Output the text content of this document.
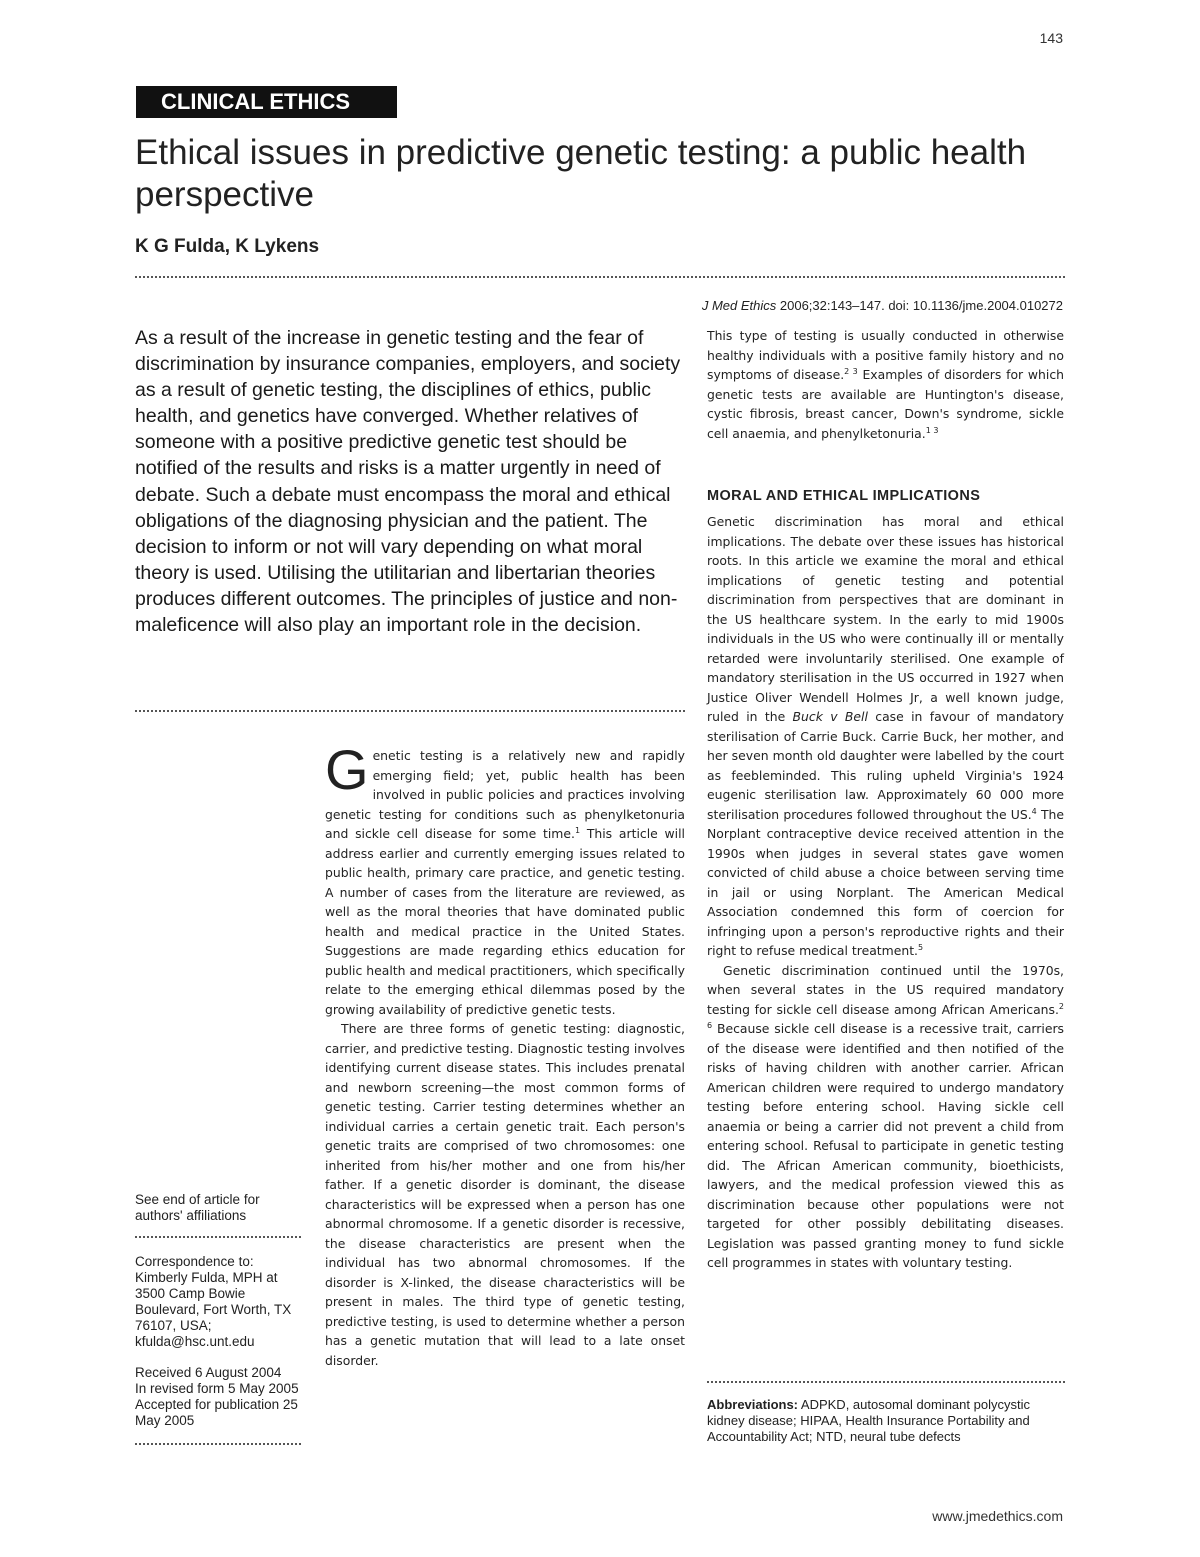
143
CLINICAL ETHICS
Ethical issues in predictive genetic testing: a public health perspective
K G Fulda, K Lykens
J Med Ethics 2006;32:143–147. doi: 10.1136/jme.2004.010272
As a result of the increase in genetic testing and the fear of discrimination by insurance companies, employers, and society as a result of genetic testing, the disciplines of ethics, public health, and genetics have converged. Whether relatives of someone with a positive predictive genetic test should be notified of the results and risks is a matter urgently in need of debate. Such a debate must encompass the moral and ethical obligations of the diagnosing physician and the patient. The decision to inform or not will vary depending on what moral theory is used. Utilising the utilitarian and libertarian theories produces different outcomes. The principles of justice and non-maleficence will also play an important role in the decision.
See end of article for authors' affiliations
Correspondence to:
Kimberly Fulda, MPH at 3500 Camp Bowie Boulevard, Fort Worth, TX 76107, USA; kfulda@hsc.unt.edu
Received 6 August 2004
In revised form 5 May 2005
Accepted for publication 25 May 2005

Genetic testing is a relatively new and rapidly emerging field; yet, public health has been involved in public policies and practices involving genetic testing for conditions such as phenylketonuria and sickle cell disease for some time.$^1$ This article will address earlier and currently emerging issues related to public health, primary care practice, and genetic testing. A number of cases from the literature are reviewed, as well as the moral theories that have dominated public health and medical practice in the United States. Suggestions are made regarding ethics education for public health and medical practitioners, which specifically relate to the emerging ethical dilemmas posed by the growing availability of predictive genetic tests.

There are three forms of genetic testing: diagnostic, carrier, and predictive testing. Diagnostic testing involves identifying current disease states. This includes prenatal and newborn screening—the most common forms of genetic testing. Carrier testing determines whether an individual carries a certain genetic trait. Each person's genetic traits are comprised of two chromosomes: one inherited from his/her mother and one from his/her father. If a genetic disorder is dominant, the disease characteristics will be expressed when a person has one abnormal chromosome. If a genetic disorder is recessive, the disease characteristics are present when the individual has two abnormal chromosomes. If the disorder is X-linked, the disease characteristics will be present in males. The third type of genetic testing, predictive testing, is used to determine whether a person has a genetic mutation that will lead to a late onset disorder.

This type of testing is usually conducted in otherwise healthy individuals with a positive family history and no symptoms of disease.$^{2 3}$ Examples of disorders for which genetic tests are available are Huntington's disease, cystic fibrosis, breast cancer, Down's syndrome, sickle cell anaemia, and phenylketonuria.$^{1 3}$

MORAL AND ETHICAL IMPLICATIONS

Genetic discrimination has moral and ethical implications. The debate over these issues has historical roots. In this article we examine the moral and ethical implications of genetic testing and potential discrimination from perspectives that are dominant in the US healthcare system. In the early to mid 1900s individuals in the US who were continually ill or mentally retarded were involuntarily sterilised. One example of mandatory sterilisation in the US occurred in 1927 when Justice Oliver Wendell Holmes Jr, a well known judge, ruled in the Buck v Bell case in favour of mandatory sterilisation of Carrie Buck. Carrie Buck, her mother, and her seven month old daughter were labelled by the court as feebleminded. This ruling upheld Virginia's 1924 eugenic sterilisation law. Approximately 60 000 more sterilisation procedures followed throughout the US.$^4$ The Norplant contraceptive device received attention in the 1990s when judges in several states gave women convicted of child abuse a choice between serving time in jail or using Norplant. The American Medical Association condemned this form of coercion for infringing upon a person's reproductive rights and their right to refuse medical treatment.$^5$

Genetic discrimination continued until the 1970s, when several states in the US required mandatory testing for sickle cell disease among African Americans.$^{2 6}$ Because sickle cell disease is a recessive trait, carriers of the disease were identified and then notified of the risks of having children with another carrier. African American children were required to undergo mandatory testing before entering school. Having sickle cell anaemia or being a carrier did not prevent a child from entering school. Refusal to participate in genetic testing did. The African American community, bioethicists, lawyers, and the medical profession viewed this as discrimination because other populations were not targeted for other possibly debilitating diseases. Legislation was passed granting money to fund sickle cell programmes in states with voluntary testing.

Abbreviations: ADPKD, autosomal dominant polycystic kidney disease; HIPAA, Health Insurance Portability and Accountability Act; NTD, neural tube defects
www.jmedethics.com
